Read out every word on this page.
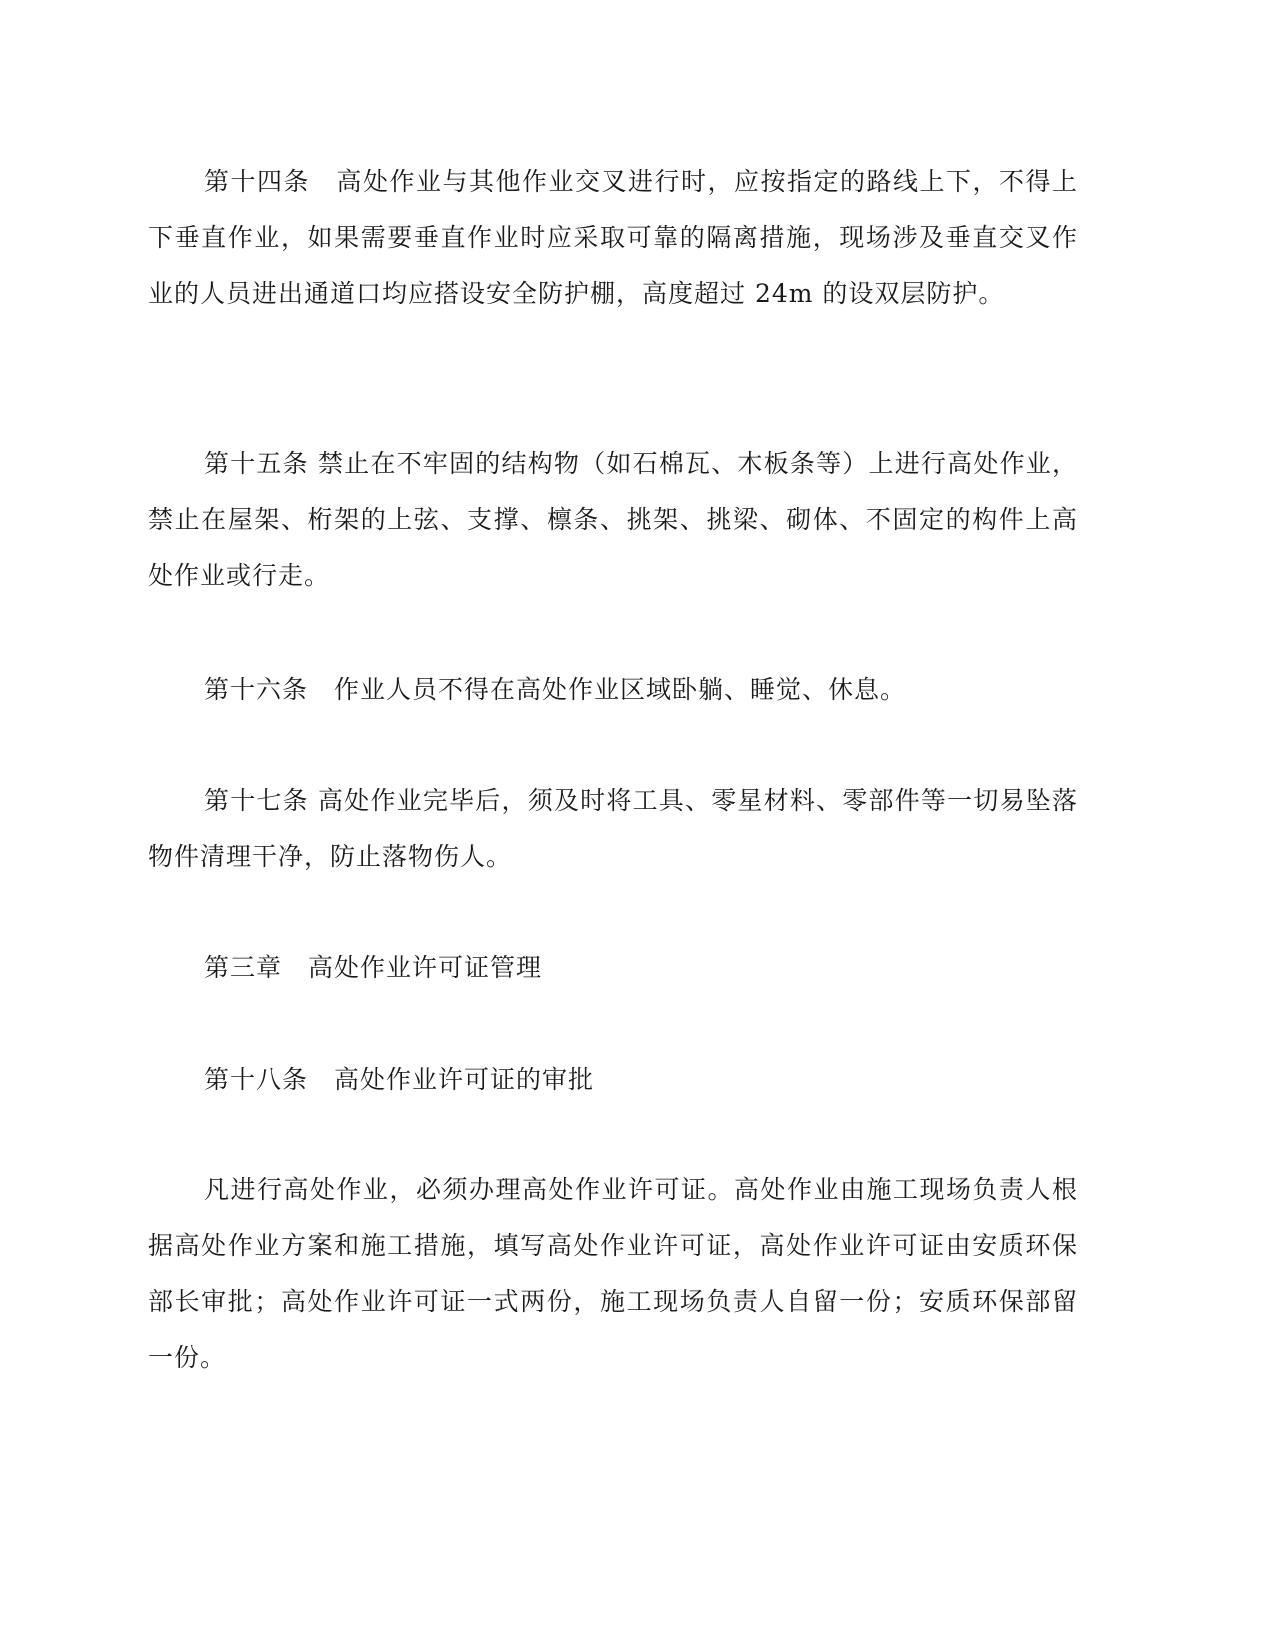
第十四条　高处作业与其他作业交叉进行时，应按指定的路线上下，不得上下垂直作业，如果需要垂直作业时应采取可靠的隔离措施，现场涉及垂直交叉作业的人员进出通道口均应搭设安全防护棚，高度超过 24m 的设双层防护。

第十五条 禁止在不牢固的结构物（如石棉瓦、木板条等）上进行高处作业，禁止在屋架、桁架的上弦、支撑、檩条、挑架、挑梁、砌体、不固定的构件上高处作业或行走。

第十六条　作业人员不得在高处作业区域卧躺、睡觉、休息。

第十七条 高处作业完毕后，须及时将工具、零星材料、零部件等一切易坠落物件清理干净，防止落物伤人。

第三章　高处作业许可证管理

第十八条　高处作业许可证的审批

凡进行高处作业，必须办理高处作业许可证。高处作业由施工现场负责人根据高处作业方案和施工措施，填写高处作业许可证，高处作业许可证由安质环保部长审批；高处作业许可证一式两份，施工现场负责人自留一份；安质环保部留一份。
